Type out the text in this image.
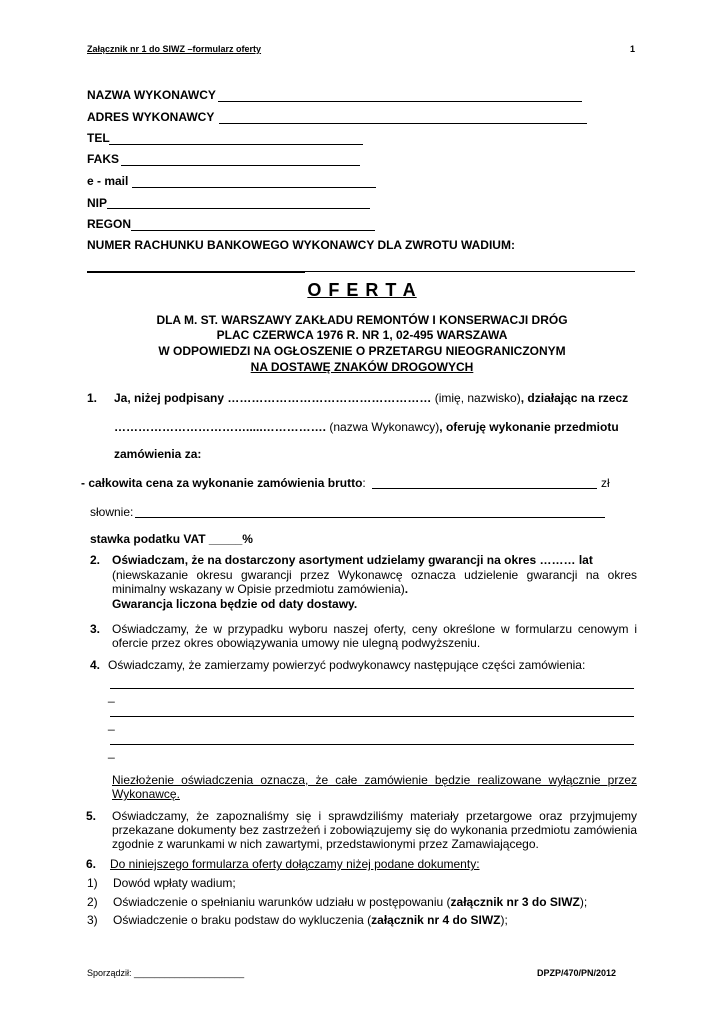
Załącznik nr 1 do SIWZ –formularz oferty	1
NAZWA WYKONAWCY
ADRES WYKONAWCY
TEL
FAKS
e - mail
NIP
REGON
NUMER RACHUNKU BANKOWEGO WYKONAWCY DLA ZWROTU WADIUM:
O F E R T A
DLA M. ST. WARSZAWY ZAKŁADU REMONTÓW I KONSERWACJI DRÓG
PLAC CZERWCA 1976 R. NR 1, 02-495 WARSZAWA
W ODPOWIEDZI NA OGŁOSZENIE O PRZETARGU NIEOGRANICZONYM
NA DOSTAWĘ ZNAKÓW DROGOWYCH
1. Ja, niżej podpisany …………………………………………… (imię, nazwisko), działając na rzecz
…………………………….....……………. (nazwa Wykonawcy), oferuję wykonanie przedmiotu
zamówienia za:
- całkowita cena za wykonanie zamówienia brutto:	zł
słownie:
stawka podatku VAT _____%
2. Oświadczam, że na dostarczony asortyment udzielamy gwarancji na okres ……… lat
(niewskazanie okresu gwarancji przez Wykonawcę oznacza udzielenie gwarancji na okres minimalny wskazany w Opisie przedmiotu zamówienia).
Gwarancja liczona będzie od daty dostawy.
3. Oświadczamy, że w przypadku wyboru naszej oferty, ceny określone w formularzu cenowym i ofercie przez okres obowiązywania umowy nie ulegną podwyższeniu.
4. Oświadczamy, że zamierzamy powierzyć podwykonawcy następujące części zamówienia:
_
_
_
Niezłożenie oświadczenia oznacza, że całe zamówienie będzie realizowane wyłącznie przez Wykonawcę.
5. Oświadczamy, że zapoznaliśmy się i sprawdziliśmy materiały przetargowe oraz przyjmujemy przekazane dokumenty bez zastrzeżeń i zobowiązujemy się do wykonania przedmiotu zamówienia zgodnie z warunkami w nich zawartymi, przedstawionymi przez Zamawiającego.
6. Do niniejszego formularza oferty dołączamy niżej podane dokumenty:
1) Dowód wpłaty wadium;
2) Oświadczenie o spełnianiu warunków udziału w postępowaniu (załącznik nr 3 do SIWZ);
3) Oświadczenie o braku podstaw do wykluczenia (załącznik nr 4 do SIWZ);
Sporządził: ______________________	DPZP/470/PN/2012
